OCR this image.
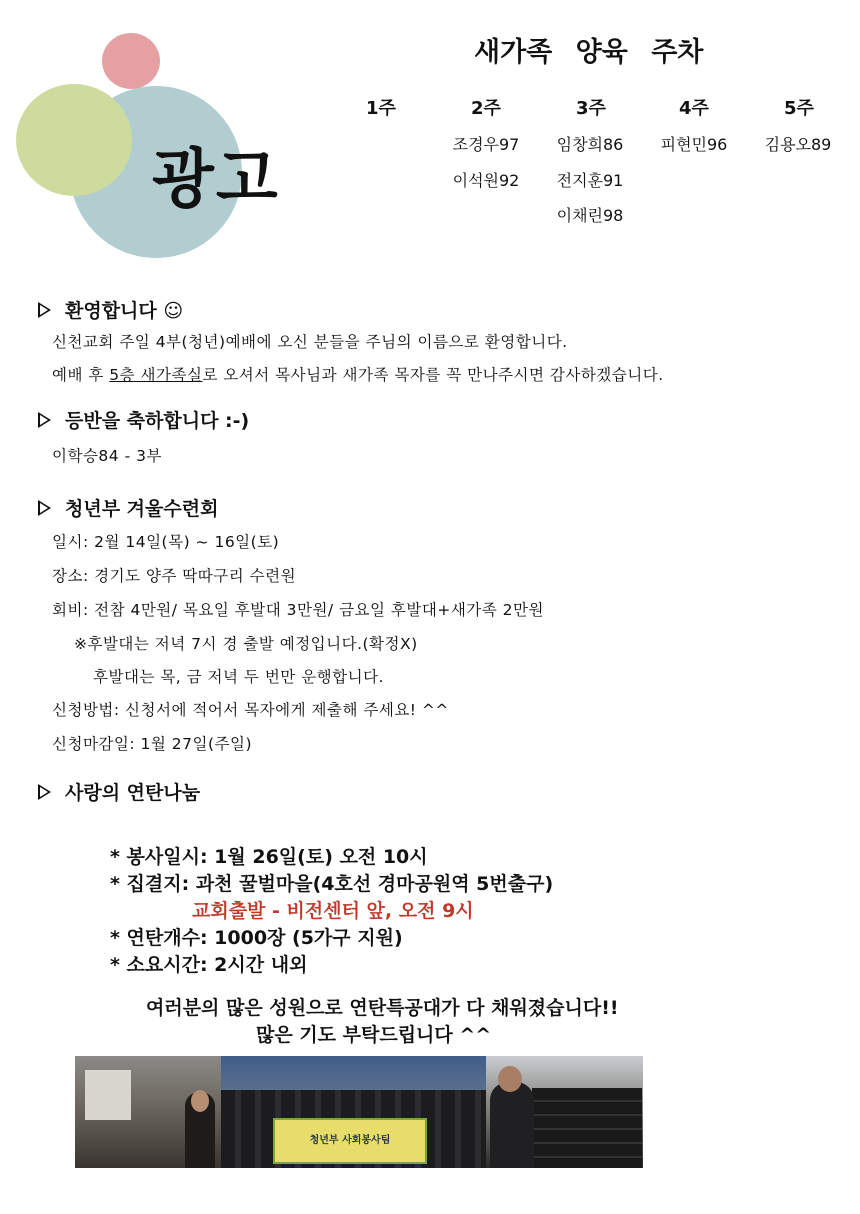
광고
새가족 양육 주차
1주	2주
조경우97
이석원92
3주
임창희86
전지훈91
이채린98
4주
피현민96
5주
김용오89
환영합니다 ☺
신천교회 주일 4부(청년)예배에 오신 분들을 주님의 이름으로 환영합니다.
예배 후 5층 새가족실로 오셔서 목사님과 새가족 목자를 꼭 만나주시면 감사하겠습니다.
등반을 축하합니다 :-)
이학승84 - 3부
청년부 겨울수련회
일시: 2월 14일(목) ~ 16일(토)
장소: 경기도 양주 딱따구리 수련원
회비: 전참 4만원/ 목요일 후발대 3만원/ 금요일 후발대+새가족 2만원
※후발대는 저녁 7시 경 출발 예정입니다.(확정X)
후발대는 목, 금 저녁 두 번만 운행합니다.
신청방법: 신청서에 적어서 목자에게 제출해 주세요! ^^
신청마감일: 1월 27일(주일)
사랑의 연탄나눔
* 봉사일시: 1월 26일(토) 오전 10시
* 집결지: 과천 꿀벌마을(4호선 경마공원역 5번출구)
교회출발 - 비전센터 앞, 오전 9시
* 연탄개수: 1000장 (5가구 지원)
* 소요시간: 2시간 내외
여러분의 많은 성원으로 연탄특공대가 다 채워졌습니다!!
많은 기도 부탁드립니다 ^^
청년부 사회봉사팀
